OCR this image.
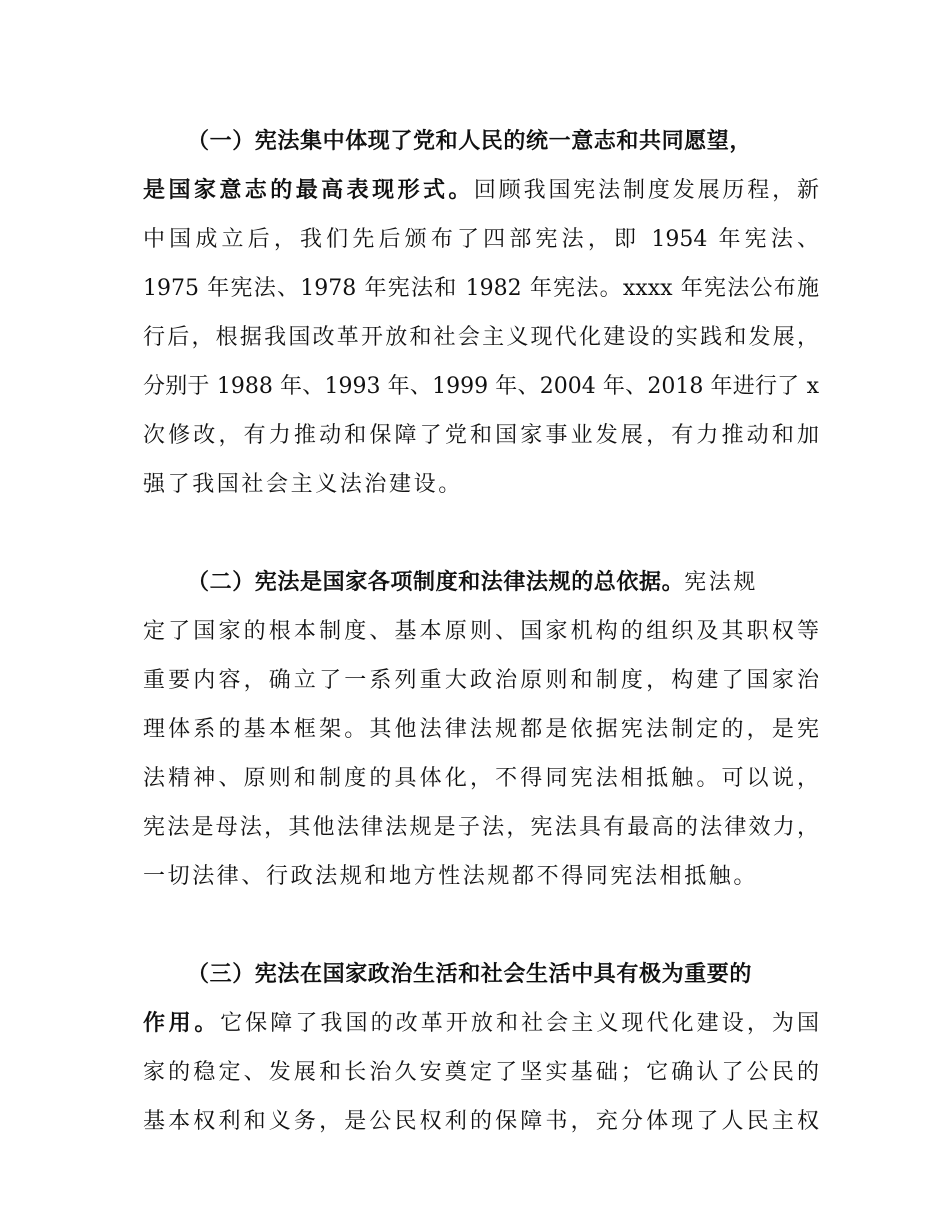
（一）宪法集中体现了党和人民的统一意志和共同愿望，
是国家意志的最高表现形式。回顾我国宪法制度发展历程，新
中国成立后，我们先后颁布了四部宪法，即 1954 年宪法、
1975 年宪法、1978 年宪法和 1982 年宪法。xxxx 年宪法公布施
行后，根据我国改革开放和社会主义现代化建设的实践和发展，
分别于 1988 年、1993 年、1999 年、2004 年、2018 年进行了 x
次修改，有力推动和保障了党和国家事业发展，有力推动和加
强了我国社会主义法治建设。
（二）宪法是国家各项制度和法律法规的总依据。宪法规
定了国家的根本制度、基本原则、国家机构的组织及其职权等
重要内容，确立了一系列重大政治原则和制度，构建了国家治
理体系的基本框架。其他法律法规都是依据宪法制定的，是宪
法精神、原则和制度的具体化，不得同宪法相抵触。可以说，
宪法是母法，其他法律法规是子法，宪法具有最高的法律效力，
一切法律、行政法规和地方性法规都不得同宪法相抵触。
（三）宪法在国家政治生活和社会生活中具有极为重要的
作用。它保障了我国的改革开放和社会主义现代化建设，为国
家的稳定、发展和长治久安奠定了坚实基础；它确认了公民的
基本权利和义务，是公民权利的保障书，充分体现了人民主权
